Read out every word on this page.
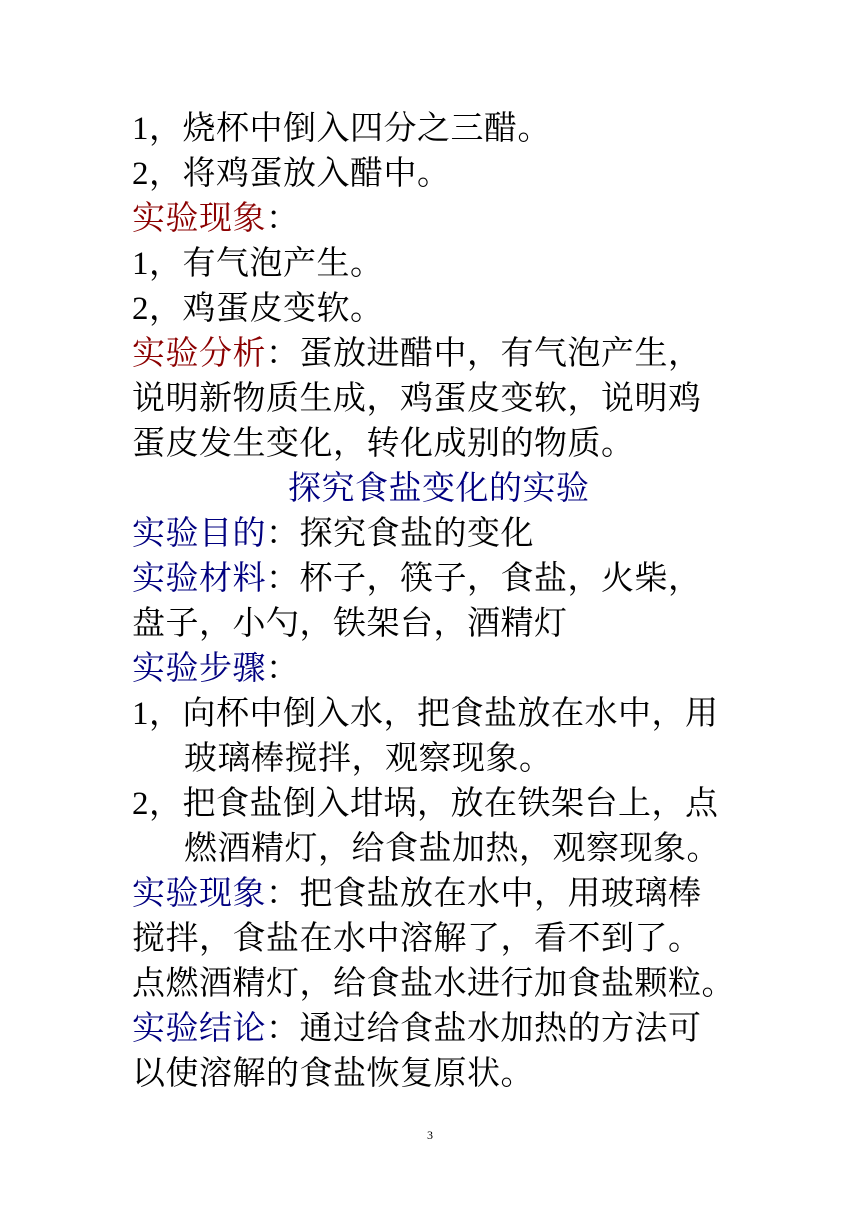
1，烧杯中倒入四分之三醋。
2，将鸡蛋放入醋中。
实验现象：
1，有气泡产生。
2，鸡蛋皮变软。
实验分析：蛋放进醋中，有气泡产生，
说明新物质生成，鸡蛋皮变软，说明鸡
蛋皮发生变化，转化成别的物质。
探究食盐变化的实验
实验目的：探究食盐的变化
实验材料：杯子，筷子，食盐，火柴，
盘子，小勺，铁架台，酒精灯
实验步骤：
1，向杯中倒入水，把食盐放在水中，用
玻璃棒搅拌，观察现象。
2，把食盐倒入坩埚，放在铁架台上，点
燃酒精灯，给食盐加热，观察现象。
实验现象：把食盐放在水中，用玻璃棒
搅拌，食盐在水中溶解了，看不到了。
点燃酒精灯，给食盐水进行加食盐颗粒。
实验结论：通过给食盐水加热的方法可
以使溶解的食盐恢复原状。
3
